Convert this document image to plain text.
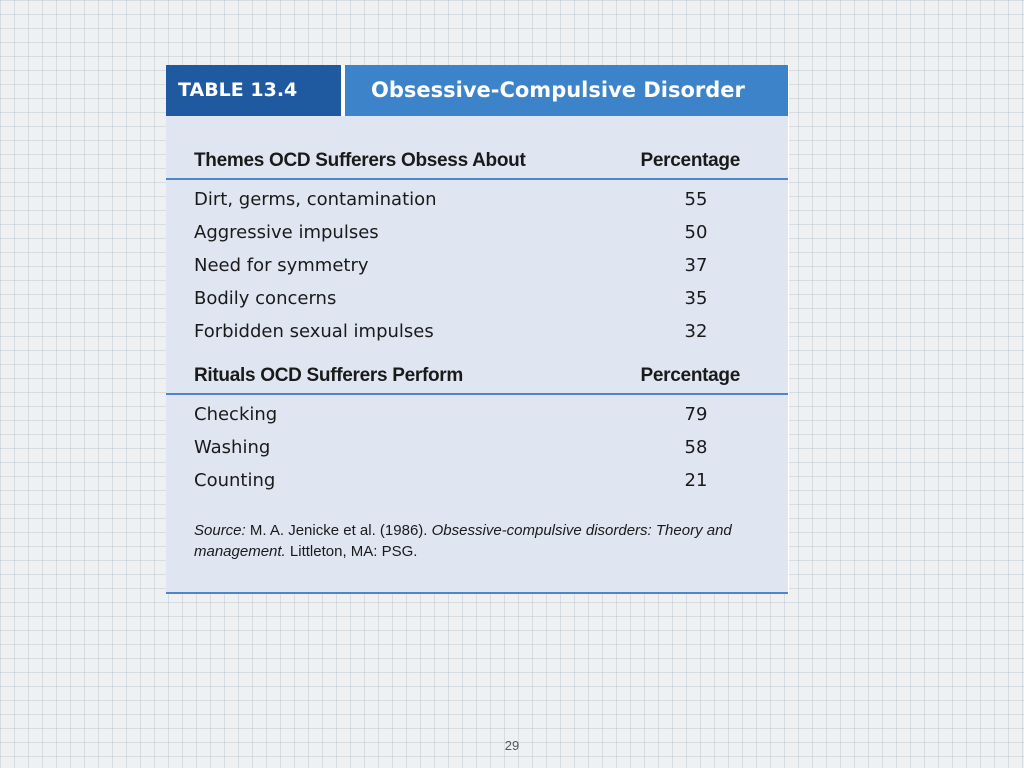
TABLE 13.4	Obsessive-Compulsive Disorder
Themes OCD Sufferers Obsess About	Percentage
Dirt, germs, contamination	55
Aggressive impulses	50
Need for symmetry	37
Bodily concerns	35
Forbidden sexual impulses	32
Rituals OCD Sufferers Perform	Percentage
Checking	79
Washing	58
Counting	21
Source: M. A. Jenicke et al. (1986). Obsessive-compulsive disorders: Theory and management. Littleton, MA: PSG.
29
